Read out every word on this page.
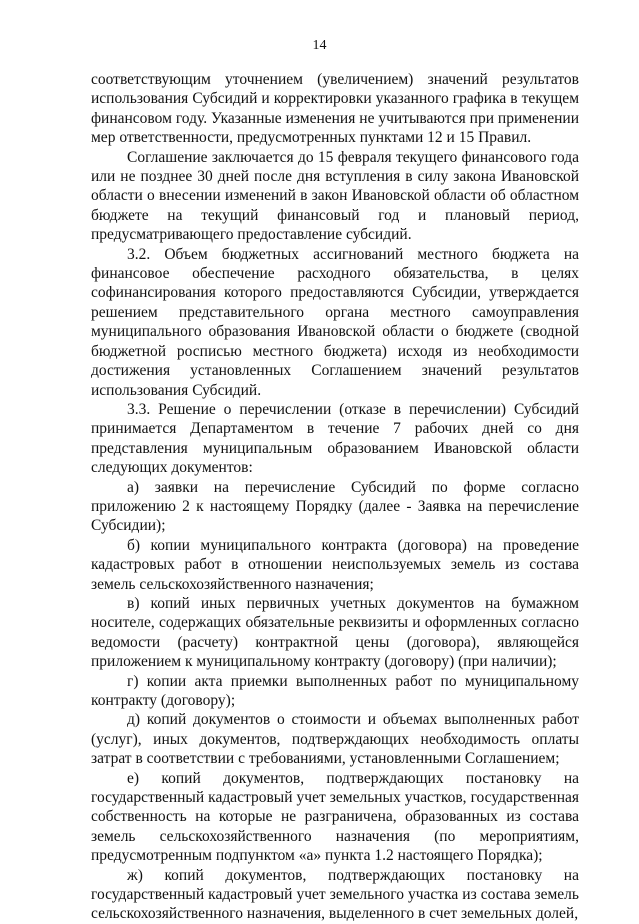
14

соответствующим уточнением (увеличением) значений результатов использования Субсидий и корректировки указанного графика в текущем финансовом году. Указанные изменения не учитываются при применении мер ответственности, предусмотренных пунктами 12 и 15 Правил.

Соглашение заключается до 15 февраля текущего финансового года или не позднее 30 дней после дня вступления в силу закона Ивановской области о внесении изменений в закон Ивановской области об областном бюджете на текущий финансовый год и плановый период, предусматривающего предоставление субсидий.

3.2. Объем бюджетных ассигнований местного бюджета на финансовое обеспечение расходного обязательства, в целях софинансирования которого предоставляются Субсидии, утверждается решением представительного органа местного самоуправления муниципального образования Ивановской области о бюджете (сводной бюджетной росписью местного бюджета) исходя из необходимости достижения установленных Соглашением значений результатов использования Субсидий.

3.3. Решение о перечислении (отказе в перечислении) Субсидий принимается Департаментом в течение 7 рабочих дней со дня представления муниципальным образованием Ивановской области следующих документов:

а) заявки на перечисление Субсидий по форме согласно приложению 2 к настоящему Порядку (далее - Заявка на перечисление Субсидии);

б) копии муниципального контракта (договора) на проведение кадастровых работ в отношении неиспользуемых земель из состава земель сельскохозяйственного назначения;

в) копий иных первичных учетных документов на бумажном носителе, содержащих обязательные реквизиты и оформленных согласно ведомости (расчету) контрактной цены (договора), являющейся приложением к муниципальному контракту (договору) (при наличии);

г) копии акта приемки выполненных работ по муниципальному контракту (договору);

д) копий документов о стоимости и объемах выполненных работ (услуг), иных документов, подтверждающих необходимость оплаты затрат в соответствии с требованиями, установленными Соглашением;

е) копий документов, подтверждающих постановку на государственный кадастровый учет земельных участков, государственная собственность на которые не разграничена, образованных из состава земель сельскохозяйственного назначения (по мероприятиям, предусмотренным подпунктом «а» пункта 1.2 настоящего Порядка);

ж) копий документов, подтверждающих постановку на государственный кадастровый учет земельного участка из состава земель сельскохозяйственного назначения, выделенного в счет земельных долей,
